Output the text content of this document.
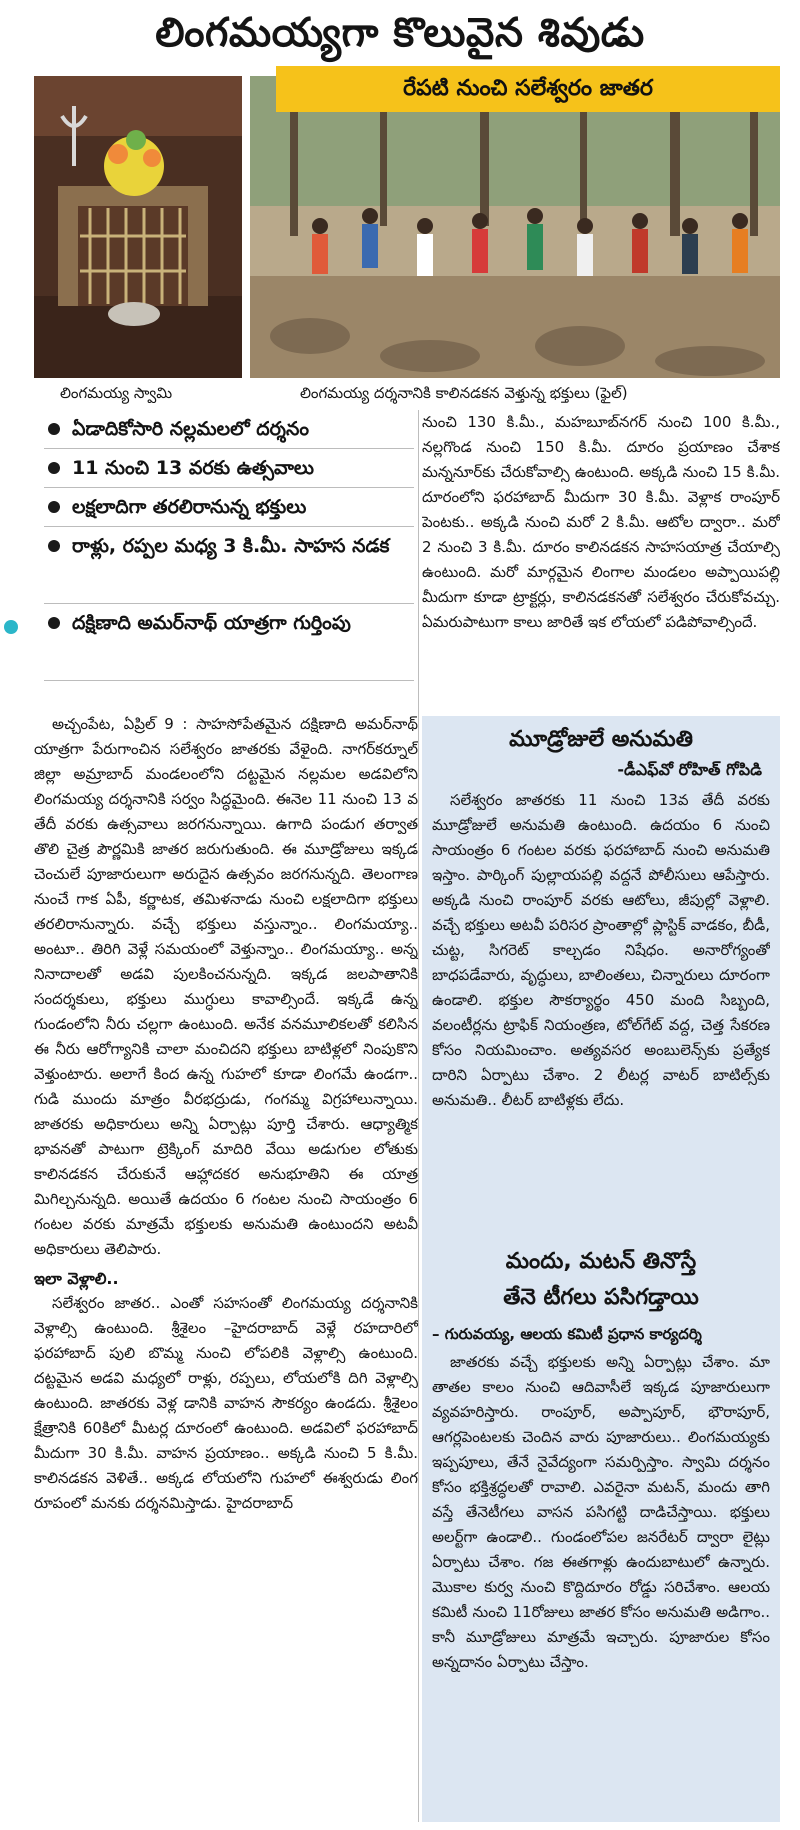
లింగమయ్యగా కొలువైన శివుడు
రేపటి నుంచి సలేశ్వరం జాతర
లింగమయ్య స్వామి	లింగమయ్య దర్శనానికి కాలినడకన వెళ్తున్న భక్తులు (ఫైల్)
ఏడాదికోసారి నల్లమలలో దర్శనం
11 నుంచి 13 వరకు ఉత్సవాలు
లక్షలాదిగా తరలిరానున్న భక్తులు
రాళ్లు, రప్పల మధ్య 3 కి.మీ. సాహస నడక
దక్షిణాది అమర్‌నాథ్ యాత్రగా గుర్తింపు

నుంచి 130 కి.మీ., మహబూబ్‌నగర్ నుంచి 100 కి.మీ., నల్లగొండ నుంచి 150 కి.మీ. దూరం ప్రయాణం చేశాక మన్ననూర్‌కు చేరుకోవాల్సి ఉంటుంది. అక్కడి నుంచి 15 కి.మీ. దూరంలోని ఫరహాబాద్ మీదుగా 30 కి.మీ. వెళ్లాక రాంపూర్ పెంటకు.. అక్కడి నుంచి మరో 2 కి.మీ. ఆటోల ద్వారా.. మరో 2 నుంచి 3 కి.మీ. దూరం కాలినడకన సాహసయాత్ర చేయాల్సి ఉంటుంది. మరో మార్గమైన లింగాల మండలం అప్పాయిపల్లి మీదుగా కూడా ట్రాక్టర్లు, కాలినడకనతో సలేశ్వరం చేరుకోవచ్చు. ఏమరుపాటుగా కాలు జారితే ఇక లోయలో పడిపోవాల్సిందే.

అచ్చంపేట, ఏప్రిల్ 9 : సాహసోపేతమైన దక్షిణాది అమర్‌నాథ్ యాత్రగా పేరుగాంచిన సలేశ్వరం జాతరకు వేళైంది. నాగర్‌కర్నూల్ జిల్లా అమ్రాబాద్ మండలంలోని దట్టమైన నల్లమల అడవిలోని లింగమయ్య దర్శనానికి సర్వం సిద్ధమైంది. ఈనెల 11 నుంచి 13 వ తేదీ వరకు ఉత్సవాలు జరగనున్నాయి. ఉగాది పండుగ తర్వాత తొలి చైత్ర పౌర్ణమికి జాతర జరుగుతుంది. ఈ మూడ్రోజులు ఇక్కడ చెంచులే పూజారులుగా అరుదైన ఉత్సవం జరగనున్నది. తెలంగాణ నుంచే గాక ఏపీ, కర్ణాటక, తమిళనాడు నుంచి లక్షలాదిగా భక్తులు తరలిరానున్నారు. వచ్చే భక్తులు వస్తున్నాం.. లింగమయ్యా.. అంటూ.. తిరిగి వెళ్లే సమయంలో వెళ్తున్నాం.. లింగమయ్యా.. అన్న నినాదాలతో అడవి పులకించనున్నది. ఇక్కడ జలపాతానికి సందర్శకులు, భక్తులు ముగ్ధులు కావాల్సిందే. ఇక్కడే ఉన్న గుండంలోని నీరు చల్లగా ఉంటుంది. అనేక వనమూలికలతో కలిసిన ఈ నీరు ఆరోగ్యానికి చాలా మంచిదని భక్తులు బాటిళ్లలో నింపుకొని వెళ్తుంటారు. అలాగే కింద ఉన్న గుహలో కూడా లింగమే ఉండగా.. గుడి ముందు మాత్రం వీరభద్రుడు, గంగమ్మ విగ్రహాలున్నాయి. జాతరకు అధికారులు అన్ని ఏర్పాట్లు పూర్తి చేశారు. ఆధ్యాత్మిక భావనతో పాటుగా ట్రెక్కింగ్ మాదిరి వేయి అడుగుల లోతుకు కాలినడకన చేరుకునే ఆహ్లాదకర అనుభూతిని ఈ యాత్ర మిగిల్చనున్నది. అయితే ఉదయం 6 గంటల నుంచి సాయంత్రం 6 గంటల వరకు మాత్రమే భక్తులకు అనుమతి ఉంటుందని అటవీ అధికారులు తెలిపారు.

ఇలా వెళ్లాలి..

సలేశ్వరం జాతర.. ఎంతో సహసంతో లింగమయ్య దర్శనానికి వెళ్లాల్సి ఉంటుంది. శ్రీశైలం –హైదరాబాద్ వెళ్లే రహదారిలో ఫరహాబాద్ పులి బొమ్మ నుంచి లోపలికి వెళ్లాల్సి ఉంటుంది. దట్టమైన అడవి మధ్యలో రాళ్లు, రప్పలు, లోయలోకి దిగి వెళ్లాల్సి ఉంటుంది. జాతరకు వెళ్ల డానికి వాహన సౌకర్యం ఉండదు. శ్రీశైలం క్షేత్రానికి 60కిలో మీటర్ల దూరంలో ఉంటుంది. అడవిలో ఫరహాబాద్ మీదుగా 30 కి.మీ. వాహన ప్రయాణం.. అక్కడి నుంచి 5 కి.మీ. కాలినడకన వెళితే.. అక్కడ లోయలోని గుహలో ఈశ్వరుడు లింగ రూపంలో మనకు దర్శనమిస్తాడు. హైదరాబాద్

మూడ్రోజులే అనుమతి
-డీఎఫ్‌వో రోహిత్ గోపిడి

సలేశ్వరం జాతరకు 11 నుంచి 13వ తేదీ వరకు మూడ్రోజులే అనుమతి ఉంటుంది. ఉదయం 6 నుంచి సాయంత్రం 6 గంటల వరకు ఫరహాబాద్ నుంచి అనుమతి ఇస్తాం. పార్కింగ్ పుల్లాయపల్లి వద్దనే పోలీసులు ఆపేస్తారు. అక్కడి నుంచి రాంపూర్ వరకు ఆటోలు, జీపుల్లో వెళ్లాలి. వచ్చే భక్తులు అటవీ పరిసర ప్రాంతాల్లో ప్లాస్టిక్ వాడకం, బీడీ, చుట్ట, సిగరెట్ కాల్చడం నిషేధం. అనారోగ్యంతో బాధపడేవారు, వృద్ధులు, బాలింతలు, చిన్నారులు దూరంగా ఉండాలి. భక్తుల సౌకర్యార్థం 450 మంది సిబ్బంది, వలంటీర్లను ట్రాఫిక్ నియంత్రణ, టోల్‌గేట్ వద్ద, చెత్త సేకరణ కోసం నియమించాం. అత్యవసర అంబులెన్స్‌కు ప్రత్యేక దారిని ఏర్పాటు చేశాం. 2 లీటర్ల వాటర్ బాటిల్స్‌కు అనుమతి.. లీటర్ బాటిళ్లకు లేదు.

మందు, మటన్ తినొస్తే
తేనె టీగలు పసిగడ్తాయి
– గురువయ్య, ఆలయ కమిటీ ప్రధాన కార్యదర్శి

జాతరకు వచ్చే భక్తులకు అన్ని ఏర్పాట్లు చేశాం. మా తాతల కాలం నుంచి ఆదివాసీలే ఇక్కడ పూజారులుగా వ్యవహరిస్తారు. రాంపూర్, అప్పాపూర్, భౌరాపూర్, ఆగర్లపెంటలకు చెందిన వారు పూజారులు.. లింగమయ్యకు ఇప్పపూలు, తేనే నైవేద్యంగా సమర్పిస్తాం. స్వామి దర్శనం కోసం భక్తిశ్రద్ధలతో రావాలి. ఎవరైనా మటన్, మందు తాగి వస్తే తేనెటీగలు వాసన పసిగట్టి దాడిచేస్తాయి. భక్తులు అలర్ట్‌గా ఉండాలి.. గుండంలోపల జనరేటర్ ద్వారా లైట్లు ఏర్పాటు చేశాం. గజ ఈతగాళ్లు ఉందుబాటులో ఉన్నారు. మొకాల కుర్వ నుంచి కొద్దిదూరం రోడ్డు సరిచేశాం. ఆలయ కమిటీ నుంచి 11రోజులు జాతర కోసం అనుమతి అడిగాం.. కానీ మూడ్రోజులు మాత్రమే ఇచ్చారు. పూజారుల కోసం అన్నదానం ఏర్పాటు చేస్తాం.
